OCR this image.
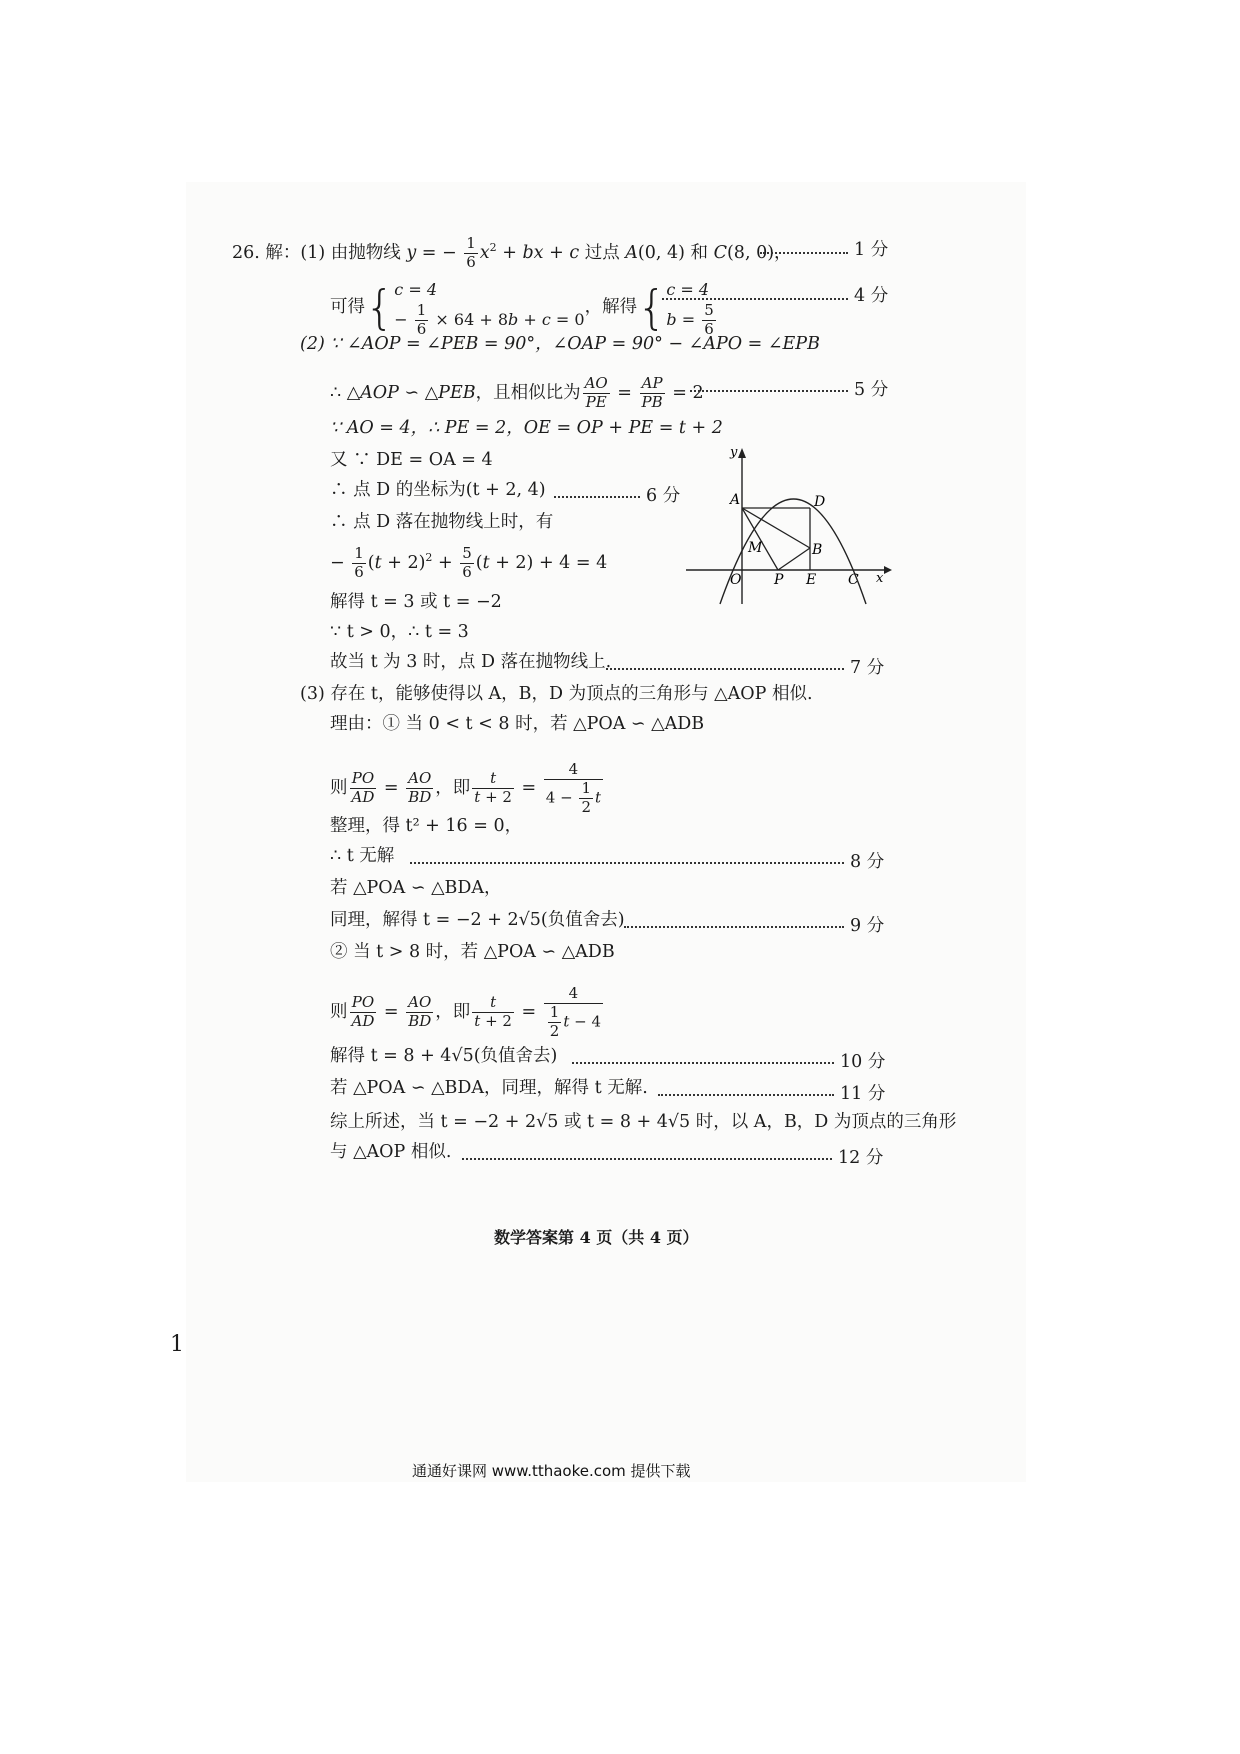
26. 解：(1) 由抛物线 y = − $\frac{1}{6} x^2$ + bx + c 过点 A(0, 4) 和 C(8, 0)，	1 分
可得{ c = 4
− $\frac{1}{6} \times 64 + 8b + c = 0$
，解得{ c = 4
$b = \frac{5}{6}$
4 分
(2) ∵ ∠AOP = ∠PEB = 90°，∠OAP = 90° − ∠APO = ∠EPB
∴ △AOP ∽ △PEB，且相似比为 $\frac{AO}{PE} = \frac{AP}{PB} = 2$	5 分
∵ AO = 4，∴ PE = 2，OE = OP + PE = t + 2
又 ∵ DE = OA = 4
∴ 点 D 的坐标为(t + 2, 4)	6 分
∴ 点 D 落在抛物线上时，有
− $\frac{1}{6} (t + 2)^2 + \frac{5}{6} (t + 2) + 4 = 4$
解得 t = 3 或 t = −2
∵ t > 0，∴ t = 3
故当 t 为 3 时，点 D 落在抛物线上.	7 分
y
x
A	D
M	B
O P E C
(3) 存在 t，能够使得以 A，B，D 为顶点的三角形与 △AOP 相似.
理由：① 当 0 < t < 8 时，若 △POA ∽ △ADB
则 $\frac{PO}{AD} = \frac{AO}{BD}$ ，即 $\frac{t}{t + 2} = \frac{4}{4 - \frac{1}{2} t}$
整理，得 t² + 16 = 0，
∴ t 无解	8 分
若 △POA ∽ △BDA，
同理，解得 t = −2 + 2√5(负值舍去)	9 分
② 当 t > 8 时，若 △POA ∽ △ADB
则 $\frac{PO}{AD} = \frac{AO}{BD}$ ，即 $\frac{t}{t + 2} = \frac{4}{\frac{1}{2} t - 4}$
解得 t = 8 + 4√5(负值舍去)	10 分
若 △POA ∽ △BDA，同理，解得 t 无解.	11 分
综上所述，当 t = −2 + 2√5 或 t = 8 + 4√5 时，以 A，B，D 为顶点的三角形
与 △AOP 相似.	12 分
数学答案第 4 页（共 4 页）
1
通通好课网 www.tthaoke.com 提供下载
